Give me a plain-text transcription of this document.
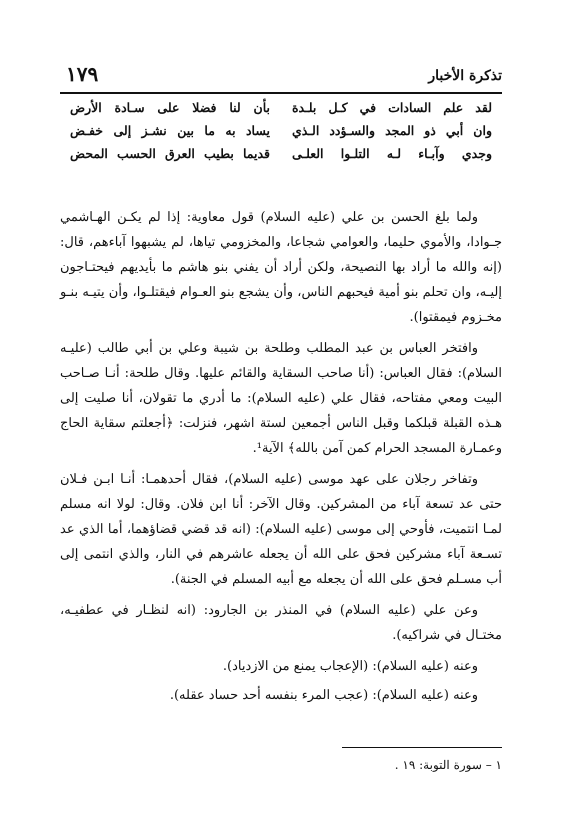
تذكرة الأخبار
١٧٩
لقد علم السادات في كـل بلـدة
بأن لنا فضلا على سـادة الأرض
وان أبي ذو المجد والسـؤدد الـذي
يساد به ما بين نشـز إلى خفـض
وجدي وآبـاء لـه التلـوا العلـى
قديما بطيب العرق الحسب المحض

ولما بلغ الحسن بن علي (عليه السلام) قول معاوية: إذا لم يكـن الهـاشمي جـوادا، والأموي حليما، والعوامي شجاعا، والمخزومي تياها، لم يشبهوا آباءهم، قال: (إنه والله ما أراد بها النصيحة، ولكن أراد أن يفني بنو هاشم ما بأيديهم فيحتـاجون إليـه، وان تحلم بنو أمية فيحبهم الناس، وأن يشجع بنو العـوام فيقتلـوا، وأن يتيـه بنـو مخـزوم فيمقتوا).

وافتخر العباس بن عبد المطلب وطلحة بن شيبة وعلي بن أبي طالب (عليـه السلام): فقال العباس: (أنا صاحب السقاية والقائم عليها. وقال طلحة: أنـا صـاحب البيت ومعي مفتاحه، فقال علي (عليه السلام): ما أدري ما تقولان، أنا صليت إلى هـذه القبلة قبلكما وقبل الناس أجمعين لستة اشهر، فنزلت: ﴿أجعلتم سقاية الحاج وعمـارة المسجد الحرام كمن آمن بالله﴾ الآية¹.

وتفاخر رجلان على عهد موسى (عليه السلام)، فقال أحدهمـا: أنـا ابـن فـلان حتى عد تسعة آباء من المشركين. وقال الآخر: أنا ابن فلان. وقال: لولا انه مسلم لمـا انتميت، فأوحي إلى موسى (عليه السلام): (انه قد قضي قضاؤهما، أما الذي عد تسـعة آباء مشركين فحق على الله أن يجعله عاشرهم في النار، والذي انتمى إلى أب مسـلم فحق على الله أن يجعله مع أبيه المسلم في الجنة).

وعن علي (عليه السلام) في المنذر بن الجارود: (انه لنظـار في عطفيـه، مختـال في شراكيه).

وعنه (عليه السلام): (الإعجاب يمنع من الازدياد).

وعنه (عليه السلام): (عجب المرء بنفسه أحد حساد عقله).

١ – سورة التوبة: ١٩ .
